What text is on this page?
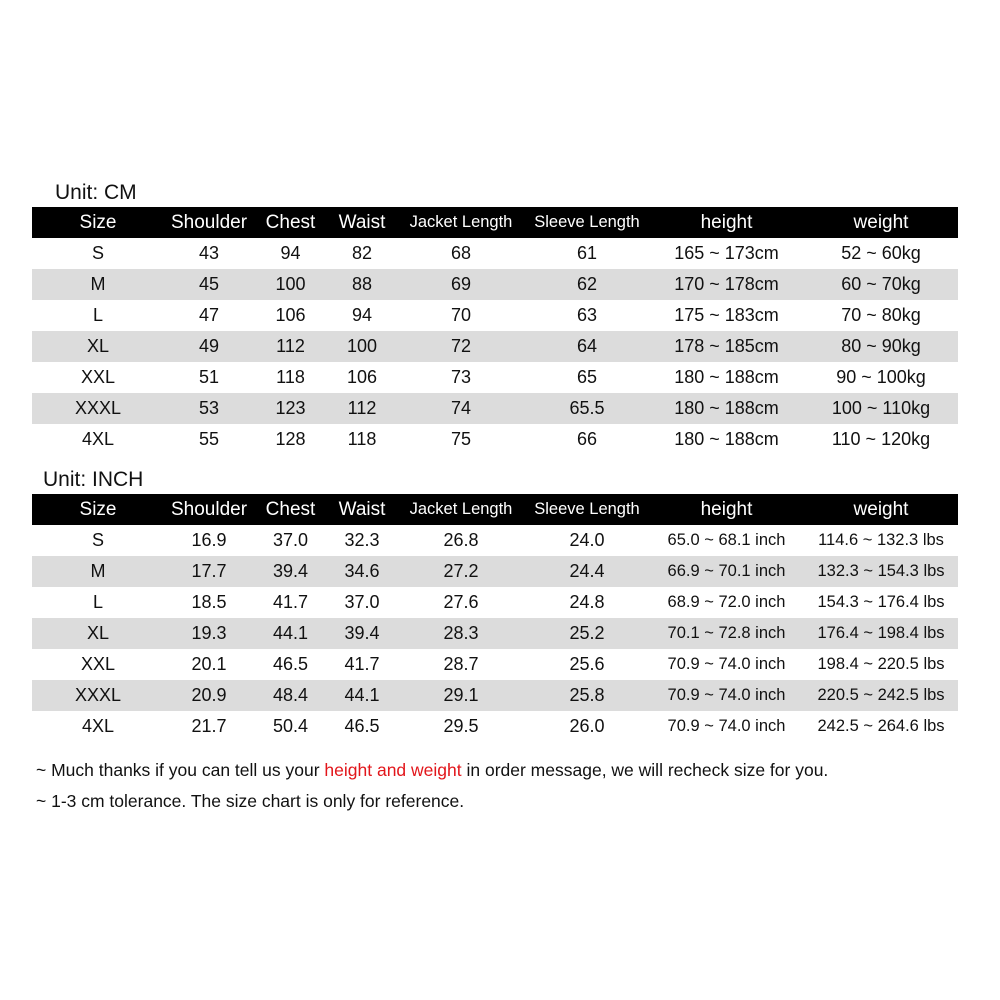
Unit: CM
Size	Shoulder	Chest	Waist	Jacket Length	Sleeve Length	height	weight
S	43	94	82	68	61	165 ~ 173cm	52 ~ 60kg
M	45	100	88	69	62	170 ~ 178cm	60 ~ 70kg
L	47	106	94	70	63	175 ~ 183cm	70 ~ 80kg
XL	49	112	100	72	64	178 ~ 185cm	80 ~ 90kg
XXL	51	118	106	73	65	180 ~ 188cm	90 ~ 100kg
XXXL	53	123	112	74	65.5	180 ~ 188cm	100 ~ 110kg
4XL	55	128	118	75	66	180 ~ 188cm	110 ~ 120kg
Unit: INCH
Size	Shoulder	Chest	Waist	Jacket Length	Sleeve Length	height	weight
S	16.9	37.0	32.3	26.8	24.0	65.0 ~ 68.1 inch	114.6 ~ 132.3 lbs
M	17.7	39.4	34.6	27.2	24.4	66.9 ~ 70.1 inch	132.3 ~ 154.3 lbs
L	18.5	41.7	37.0	27.6	24.8	68.9 ~ 72.0 inch	154.3 ~ 176.4 lbs
XL	19.3	44.1	39.4	28.3	25.2	70.1 ~ 72.8 inch	176.4 ~ 198.4 lbs
XXL	20.1	46.5	41.7	28.7	25.6	70.9 ~ 74.0 inch	198.4 ~ 220.5 lbs
XXXL	20.9	48.4	44.1	29.1	25.8	70.9 ~ 74.0 inch	220.5 ~ 242.5 lbs
4XL	21.7	50.4	46.5	29.5	26.0	70.9 ~ 74.0 inch	242.5 ~ 264.6 lbs
~ Much thanks if you can tell us your height and weight in order message, we will recheck size for you.
~ 1-3 cm tolerance. The size chart is only for reference.
